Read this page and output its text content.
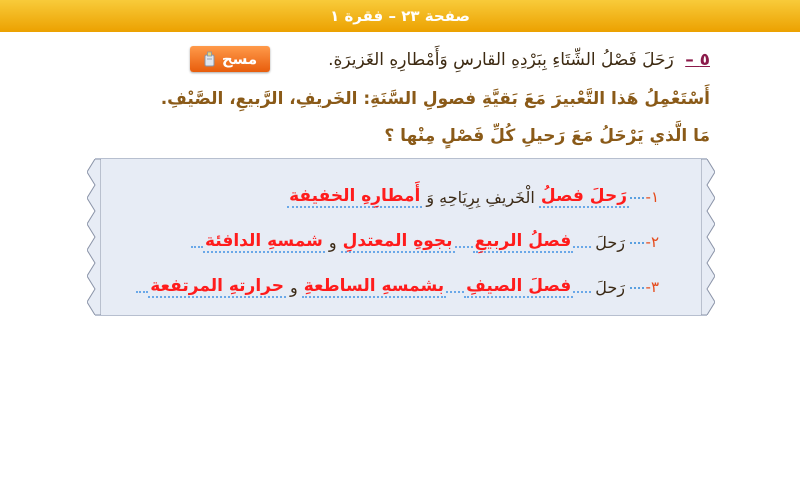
صفحة ٢٣ – فقرة ١
٥ – رَحَلَ فَصْلُ الشِّتَاءِ بِبَرْدِهِ القارسِ وَأَمْطارِهِ الغَزيرَةِ.
مسح
أَسْتَعْمِلُ هَذا التَّعْبيرَ مَعَ بَقيَّةِ فصولِ السَّنَةِ: الخَريفِ، الرَّبيعِ، الصَّيْفِ.
مَا الَّذي يَرْحَلُ مَعَ رَحيلِ كُلِّ فَصْلٍ مِنْها ؟
١-
رَحلَ فصلُ
الْخَريفِ بِرِيَاحِهِ وَ
أَمطارِهِ الخفيفة
٢-
رَحلَ
فصلُ الربيعِ
بجوهِ المعتدلِ
و
شمسهِ الدافئة
٣-
رَحلَ
فصلَ الصيفِ
بشمسهِ الساطعةِ
و
حرارتهِ المرتفعة
